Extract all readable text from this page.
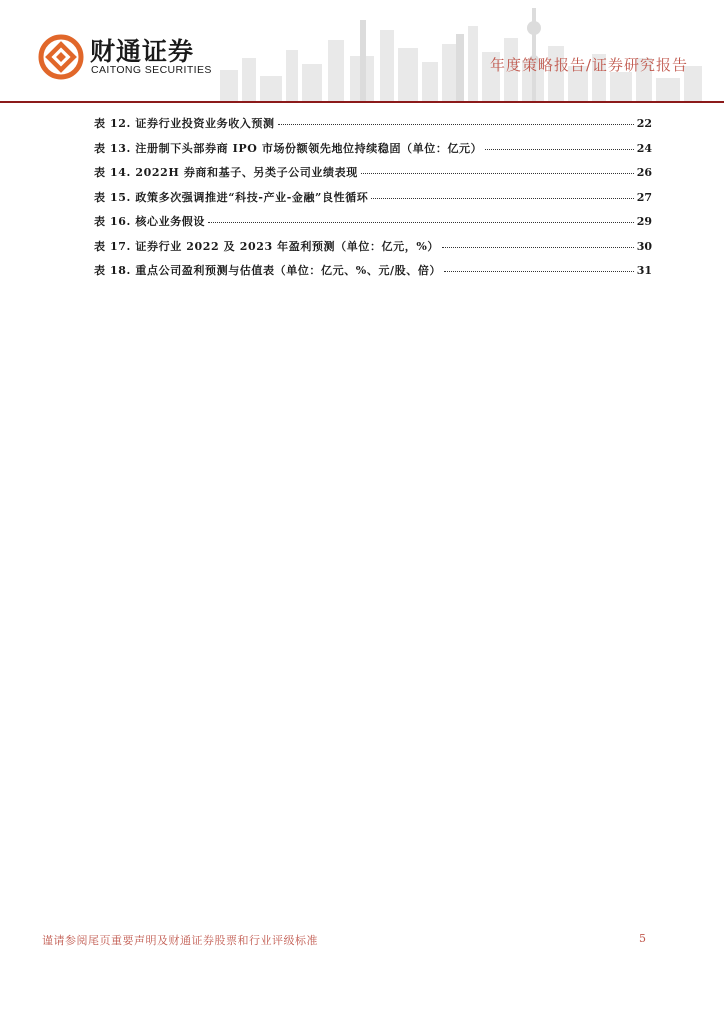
财通证券
CAITONG SECURITIES	年度策略报告/证券研究报告
表 12. 证券行业投资业务收入预测	22
表 13. 注册制下头部券商 IPO 市场份额领先地位持续稳固（单位：亿元）	24
表 14. 2022H 券商和基子、另类子公司业绩表现	26
表 15. 政策多次强调推进“科技-产业-金融”良性循环	27
表 16. 核心业务假设	29
表 17. 证券行业 2022 及 2023 年盈利预测（单位：亿元，%）	30
表 18. 重点公司盈利预测与估值表（单位：亿元、%、元/股、倍）	31
谨请参阅尾页重要声明及财通证券股票和行业评级标准	5
